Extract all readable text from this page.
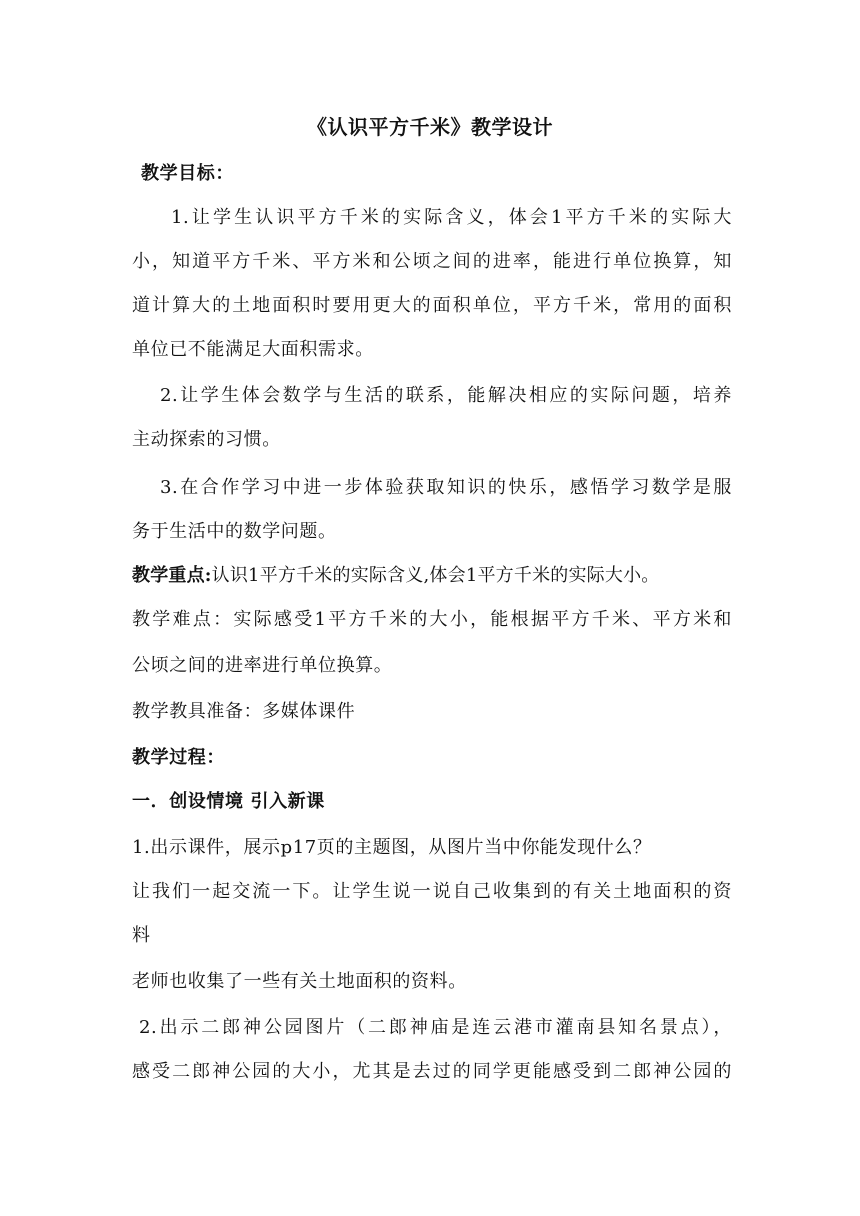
《认识平方千米》教学设计
教学目标：
1.让学生认识平方千米的实际含义，体会1平方千米的实际大
小，知道平方千米、平方米和公顷之间的进率，能进行单位换算，知
道计算大的土地面积时要用更大的面积单位，平方千米，常用的面积
单位已不能满足大面积需求。
2.让学生体会数学与生活的联系，能解决相应的实际问题，培养
主动探索的习惯。
3.在合作学习中进一步体验获取知识的快乐，感悟学习数学是服
务于生活中的数学问题。
教学重点:认识1平方千米的实际含义,体会1平方千米的实际大小。
教学难点：实际感受1平方千米的大小，能根据平方千米、平方米和
公顷之间的进率进行单位换算。
教学教具准备：多媒体课件
教学过程：
一．创设情境 引入新课
1.出示课件，展示p17页的主题图，从图片当中你能发现什么？
让我们一起交流一下。让学生说一说自己收集到的有关土地面积的资
料
老师也收集了一些有关土地面积的资料。
2.出示二郎神公园图片（二郎神庙是连云港市灌南县知名景点），
感受二郎神公园的大小，尤其是去过的同学更能感受到二郎神公园的
